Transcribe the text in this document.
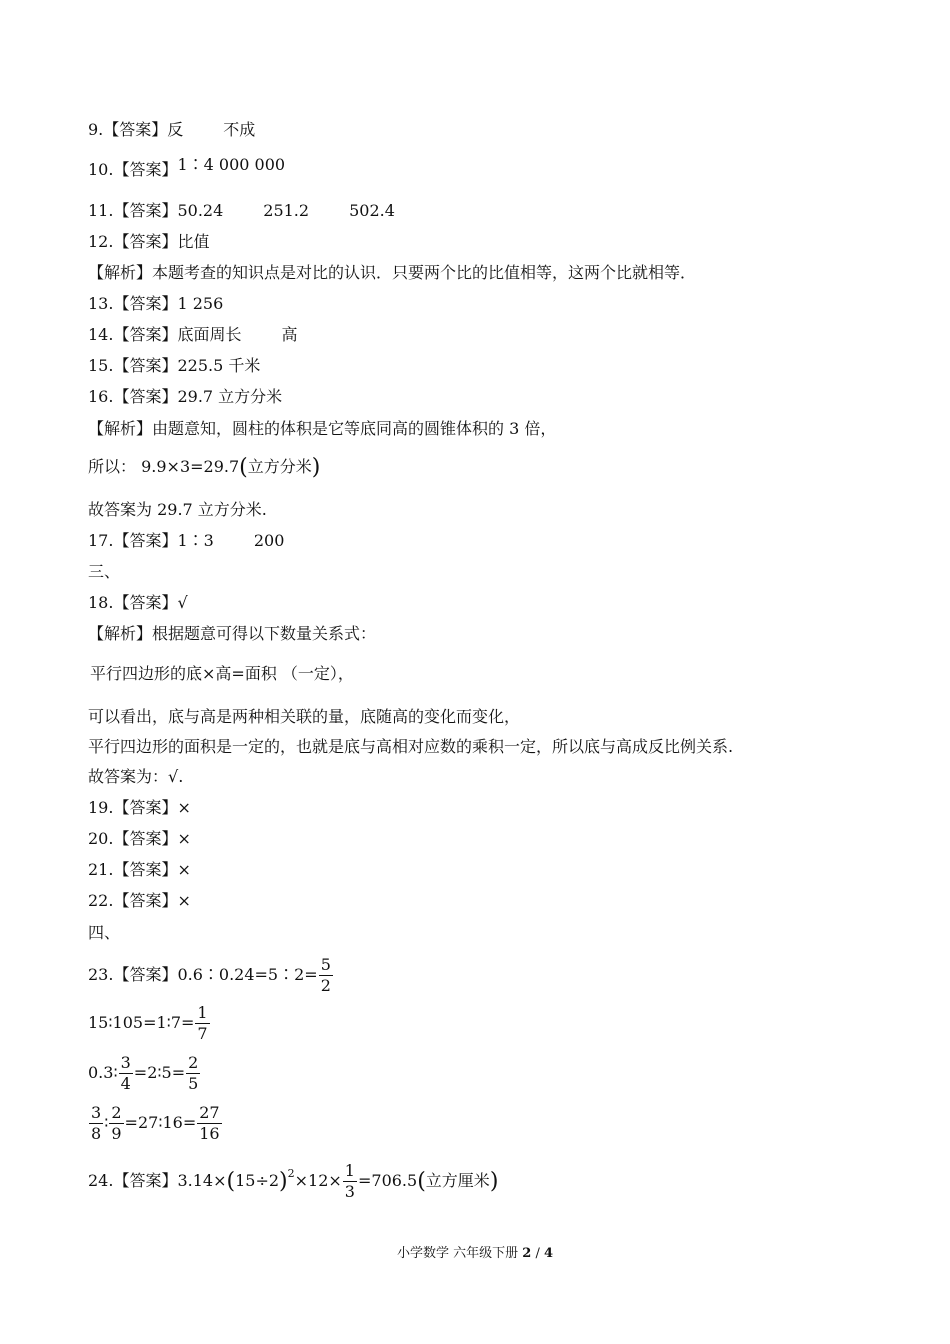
9.【答案】反	不成
10.【答案】1∶4 000 000
11.【答案】50.24	251.2	502.4
12.【答案】比值
【解析】本题考查的知识点是对比的认识．只要两个比的比值相等，这两个比就相等．
13.【答案】1 256
14.【答案】底面周长	高
15.【答案】225.5 千米
16.【答案】29.7 立方分米
【解析】由题意知，圆柱的体积是它等底同高的圆锥体积的 3 倍，
所以： 9.9×3=29.7(立方分米)
故答案为 29.7 立方分米.
17.【答案】1∶3	200
三、
18.【答案】√
【解析】根据题意可得以下数量关系式：
平行四边形的底×高=面积 （一定），
可以看出，底与高是两种相关联的量，底随高的变化而变化，
平行四边形的面积是一定的，也就是底与高相对应数的乘积一定，所以底与高成反比例关系.
故答案为：√.
19.【答案】×
20.【答案】×
21.【答案】×
22.【答案】×
四、
23.【答案】0.6∶0.24=5∶2= $\frac{5}{2}$
15∶105=1∶7= $\frac{1}{7}$
0.3∶ $\frac{3}{4}$ =2∶5= $\frac{2}{5}$
$\frac{3}{8}$ ∶ $\frac{2}{9}$ =27∶16= $\frac{27}{16}$
24.【答案】$3.14\times(15\div 2)^2\times 12\times \frac{1}{3} =706.5$(立方厘米)
小学数学 六年级下册 2 / 4
